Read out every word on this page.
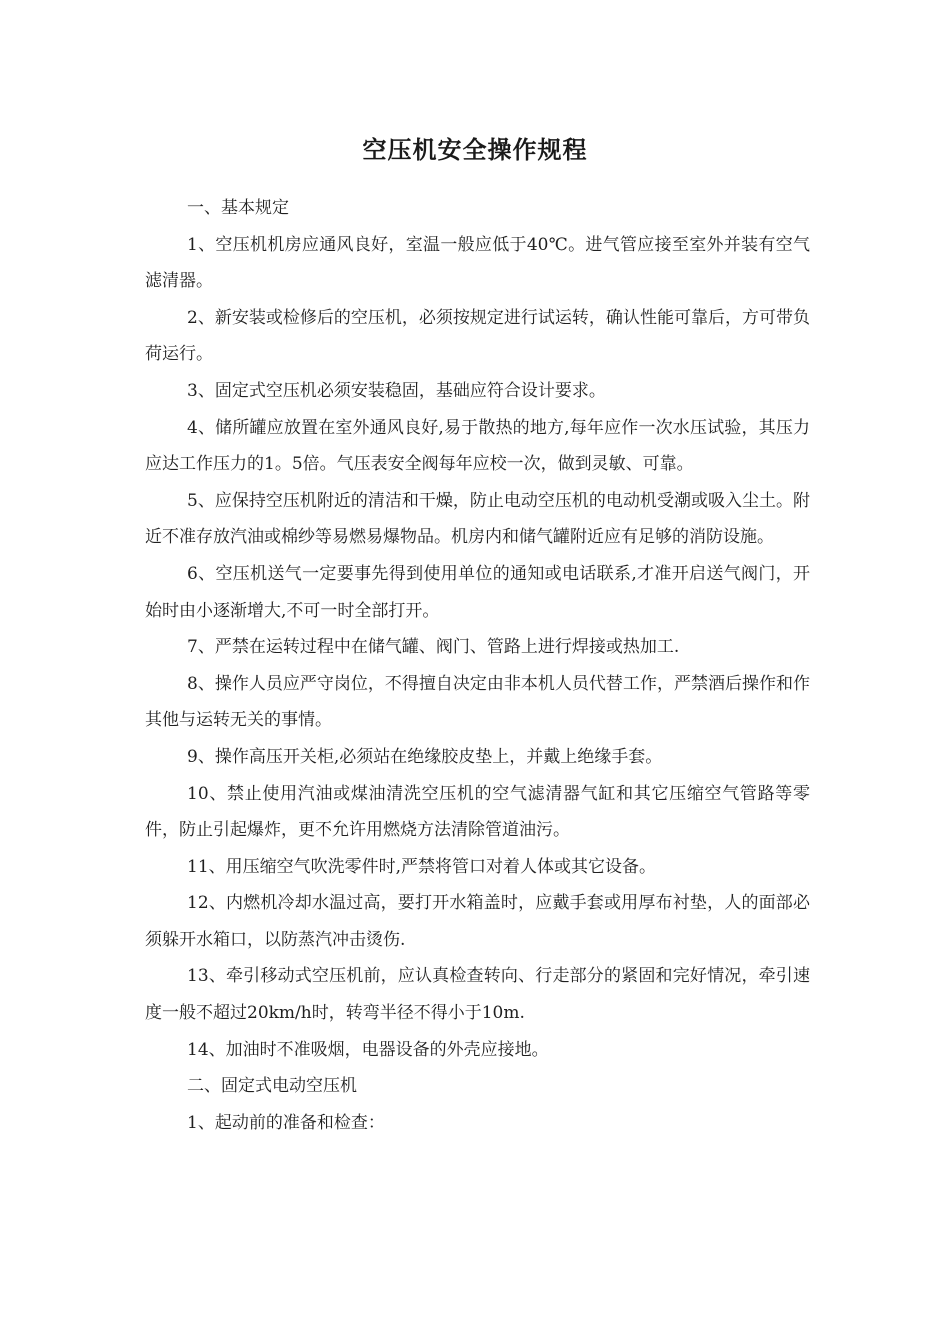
空压机安全操作规程

一、基本规定

1、空压机机房应通风良好，室温一般应低于40℃。进气管应接至室外并装有空气滤清器。

2、新安装或检修后的空压机，必须按规定进行试运转，确认性能可靠后，方可带负荷运行。

3、固定式空压机必须安装稳固，基础应符合设计要求。

4、储所罐应放置在室外通风良好,易于散热的地方,每年应作一次水压试验，其压力应达工作压力的1。5倍。气压表安全阀每年应校一次，做到灵敏、可靠。

5、应保持空压机附近的清洁和干燥，防止电动空压机的电动机受潮或吸入尘土。附近不准存放汽油或棉纱等易燃易爆物品。机房内和储气罐附近应有足够的消防设施。

6、空压机送气一定要事先得到使用单位的通知或电话联系,才准开启送气阀门，开始时由小逐渐增大,不可一时全部打开。

7、严禁在运转过程中在储气罐、阀门、管路上进行焊接或热加工.

8、操作人员应严守岗位，不得擅自决定由非本机人员代替工作，严禁酒后操作和作其他与运转无关的事情。

9、操作高压开关柜,必须站在绝缘胶皮垫上，并戴上绝缘手套。

10、禁止使用汽油或煤油清洗空压机的空气滤清器气缸和其它压缩空气管路等零件，防止引起爆炸，更不允许用燃烧方法清除管道油污。

11、用压缩空气吹洗零件时,严禁将管口对着人体或其它设备。

12、内燃机冷却水温过高，要打开水箱盖时，应戴手套或用厚布衬垫，人的面部必须躲开水箱口，以防蒸汽冲击烫伤.

13、牵引移动式空压机前，应认真检查转向、行走部分的紧固和完好情况，牵引速度一般不超过20km/h时，转弯半径不得小于10m.

14、加油时不准吸烟，电器设备的外壳应接地。

二、固定式电动空压机

1、起动前的准备和检查：
